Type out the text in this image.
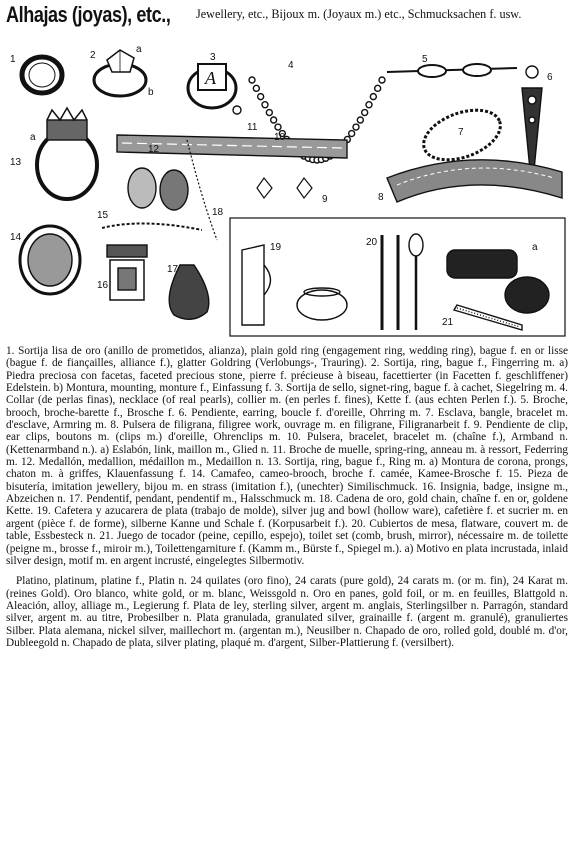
Alhajas (joyas), etc., Jewellery, etc., Bijoux m. (Joyaux m.) etc., Schmucksachen f. usw.
A
1	2
a
b
3
4
5
6
7
8
9
10
11
12
a
13
14
15
16
17
18
19	20
21
a

1. Sortija lisa de oro (anillo de prometidos, alianza), plain gold ring (engagement ring, wedding ring), bague f. en or lisse (bague f. de fiançailles, alliance f.), glatter Goldring (Verlobungs-, Trauring). 2. Sortija, ring, bague f., Fingerring m. a) Piedra preciosa con facetas, faceted precious stone, pierre f. précieuse à biseau, facettierter (in Facetten f. geschliffener) Edelstein. b) Montura, mounting, monture f., Einfassung f. 3. Sortija de sello, signet-ring, bague f. à cachet, Siegelring m. 4. Collar (de perlas finas), necklace (of real pearls), collier m. (en perles f. fines), Kette f. (aus echten Perlen f.). 5. Broche, brooch, broche-barette f., Brosche f. 6. Pendiente, earring, boucle f. d'oreille, Ohrring m. 7. Esclava, bangle, bracelet m. d'esclave, Armring m. 8. Pulsera de filigrana, filigree work, ouvrage m. en filigrane, Filigranarbeit f. 9. Pendiente de clip, ear clips, boutons m. (clips m.) d'oreille, Ohrenclips m. 10. Pulsera, bracelet, bracelet m. (chaîne f.), Armband n. (Kettenarmband n.). a) Eslabón, link, maillon m., Glied n. 11. Broche de muelle, spring-ring, anneau m. à ressort, Federring m. 12. Medallón, medallion, médaillon m., Medaillon n. 13. Sortija, ring, bague f., Ring m. a) Montura de corona, prongs, chaton m. à griffes, Klauenfassung f. 14. Camafeo, cameo-brooch, broche f. camée, Kamee-Brosche f. 15. Pieza de bisutería, imitation jewellery, bijou m. en strass (imitation f.), (unechter) Similischmuck. 16. Insignia, badge, insigne m., Abzeichen n. 17. Pendentif, pendant, pendentif m., Halsschmuck m. 18. Cadena de oro, gold chain, chaîne f. en or, goldene Kette. 19. Cafetera y azucarera de plata (trabajo de molde), silver jug and bowl (hollow ware), cafetière f. et sucrier m. en argent (pièce f. de forme), silberne Kanne und Schale f. (Korpusarbeit f.). 20. Cubiertos de mesa, flatware, couvert m. de table, Essbesteck n. 21. Juego de tocador (peine, cepillo, espejo), toilet set (comb, brush, mirror), nécessaire m. de toilette (peigne m., brosse f., miroir m.), Toilettengarniture f. (Kamm m., Bürste f., Spiegel m.). a) Motivo en plata incrustada, inlaid silver design, motif m. en argent incrusté, eingelegtes Silbermotiv.

Platino, platinum, platine f., Platin n. 24 quilates (oro fino), 24 carats (pure gold), 24 carats m. (or m. fin), 24 Karat m. (reines Gold). Oro blanco, white gold, or m. blanc, Weissgold n. Oro en panes, gold foil, or m. en feuilles, Blattgold n. Aleación, alloy, alliage m., Legierung f. Plata de ley, sterling silver, argent m. anglais, Sterlingsilber n. Parragón, standard silver, argent m. au titre, Probesilber n. Plata granulada, granulated silver, grainaille f. (argent m. granulé), granuliertes Silber. Plata alemana, nickel silver, maillechort m. (argentan m.), Neusilber n. Chapado de oro, rolled gold, doublé m. d'or, Dubleegold n. Chapado de plata, silver plating, plaqué m. d'argent, Silber-Plattierung f. (versilbert).
